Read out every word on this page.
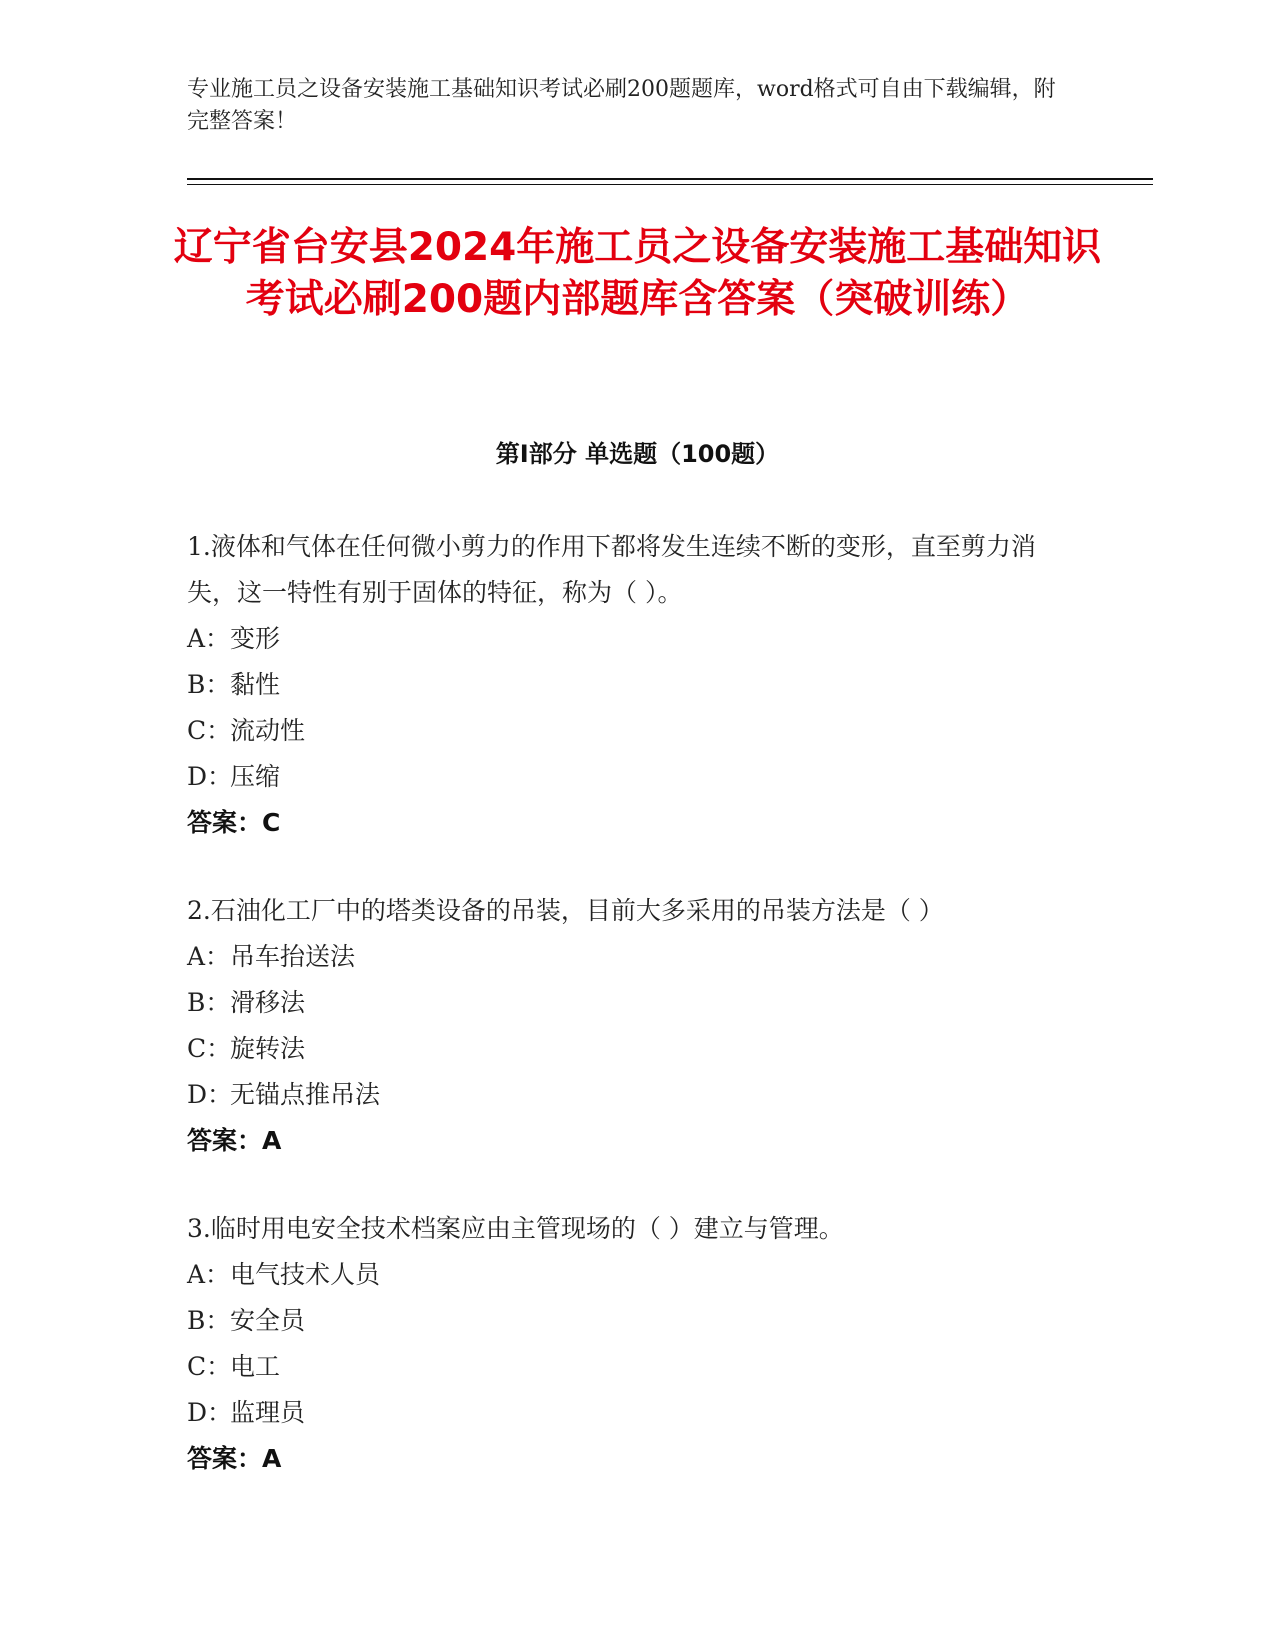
专业施工员之设备安装施工基础知识考试必刷200题题库，word格式可自由下载编辑，附完整答案！
辽宁省台安县2024年施工员之设备安装施工基础知识考试必刷200题内部题库含答案（突破训练）
第I部分 单选题（100题）

1.液体和气体在任何微小剪力的作用下都将发生连续不断的变形，直至剪力消失，这一特性有别于固体的特征，称为（ ）。

A：变形
B：黏性
C：流动性
D：压缩
答案：C

2.石油化工厂中的塔类设备的吊装，目前大多采用的吊装方法是（ ）

A：吊车抬送法
B：滑移法
C：旋转法
D：无锚点推吊法
答案：A

3.临时用电安全技术档案应由主管现场的（ ）建立与管理。

A：电气技术人员
B：安全员
C：电工
D：监理员
答案：A
